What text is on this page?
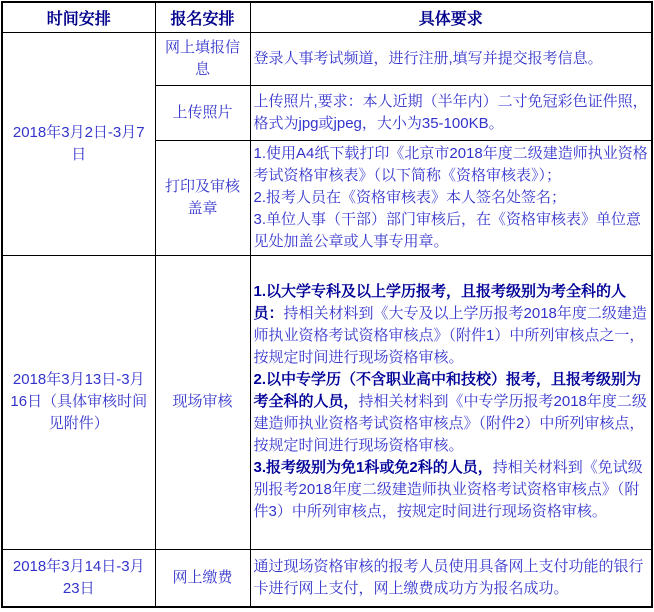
时间安排	报名安排	具体要求
2018年3月2日-3月7日	网上填报信息	登录人事考试频道，进行注册,填写并提交报考信息。

	上传照片	上传照片,要求：本人近期（半年内）二寸免冠彩色证件照，格式为jpg或jpeg，大小为35-100KB。

	打印及审核盖章	1.使用A4纸下载打印《北京市2018年度二级建造师执业资格考试资格审核表》（以下简称《资格审核表》）；

2.报考人员在《资格审核表》本人签名处签名；

3.单位人事（干部）部门审核后，在《资格审核表》单位意见处加盖公章或人事专用章。

2018年3月13日-3月16日（具体审核时间见附件）	现场审核	1.以大学专科及以上学历报考，且报考级别为考全科的人员：持相关材料到《大专及以上学历报考2018年度二级建造师执业资格考试资格审核点》（附件1）中所列审核点之一，按规定时间进行现场资格审核。

2.以中专学历（不含职业高中和技校）报考，且报考级别为考全科的人员，持相关材料到《中专学历报考2018年度二级建造师执业资格考试资格审核点》（附件2）中所列审核点，按规定时间进行现场资格审核。

3.报考级别为免1科或免2科的人员，持相关材料到《免试级别报考2018年度二级建造师执业资格考试资格审核点》（附件3）中所列审核点，按规定时间进行现场资格审核。

2018年3月14日-3月23日	网上缴费	通过现场资格审核的报考人员使用具备网上支付功能的银行卡进行网上支付，网上缴费成功方为报名成功。
